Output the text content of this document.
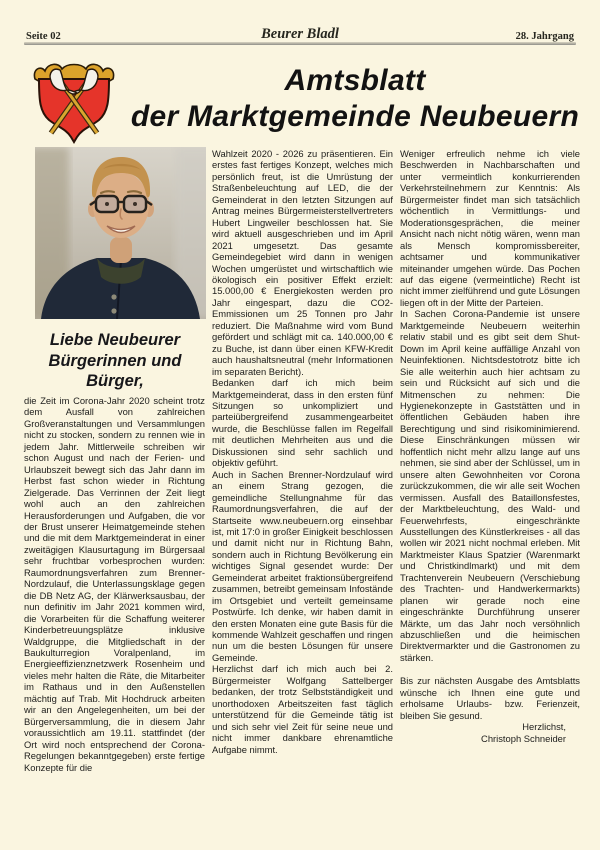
Seite 02	Beurer Bladl	28. Jahrgang
Amtsblatt
der Marktgemeinde Neubeuern
Liebe Neubeurer
Bürgerinnen und
Bürger,

die Zeit im Corona-Jahr 2020 scheint trotz dem Ausfall von zahlreichen Großveranstaltungen und Versammlungen nicht zu stocken, sondern zu rennen wie in jedem Jahr. Mittlerweile schreiben wir schon August und nach der Ferien- und Urlaubszeit bewegt sich das Jahr dann im Herbst fast schon wieder in Richtung Zielgerade. Das Verrinnen der Zeit liegt wohl auch an den zahlreichen Herausforderungen und Aufgaben, die vor der Brust unserer Heimatgemeinde stehen und die mit dem Marktgemeinderat in einer zweitägigen Klausurtagung im Bürgersaal sehr fruchtbar vorbesprochen wurden: Raumordnungsverfahren zum Brenner-Nordzulauf, die Unterlassungsklage gegen die DB Netz AG, der Klärwerksausbau, der nun definitiv im Jahr 2021 kommen wird, die Vorarbeiten für die Schaffung weiterer Kinderbetreuungsplätze inklusive Waldgruppe, die Mitgliedschaft in der Baukulturregion Voralpenland, im Energieeffizienznetzwerk Rosenheim und vieles mehr halten die Räte, die Mitarbeiter im Rathaus und in den Außenstellen mächtig auf Trab. Mit Hochdruck arbeiten wir an den Angelegenheiten, um bei der Bürgerversammlung, die in diesem Jahr voraussichtlich am 19.11. stattfindet (der Ort wird noch entsprechend der Corona-Regelungen bekanntgegeben) erste fertige Konzepte für die

Wahlzeit 2020 - 2026 zu präsentieren. Ein erstes fast fertiges Konzept, welches mich persönlich freut, ist die Umrüstung der Straßenbeleuchtung auf LED, die der Gemeinderat in den letzten Sitzungen auf Antrag meines Bürgermeisterstellvertreters Hubert Lingweiler beschlossen hat. Sie wird aktuell ausgeschrieben und im April 2021 umgesetzt. Das gesamte Gemeindegebiet wird dann in wenigen Wochen umgerüstet und wirtschaftlich wie ökologisch ein positiver Effekt erzielt: 15.000,00 € Energiekosten werden pro Jahr eingespart, dazu die CO2-Emmissionen um 25 Tonnen pro Jahr reduziert. Die Maßnahme wird vom Bund gefördert und schlägt mit ca. 140.000,00 € zu Buche, ist dann über einen KFW-Kredit auch haushaltsneutral (mehr Informationen im separaten Bericht).

Bedanken darf ich mich beim Marktgemeinderat, dass in den ersten fünf Sitzungen so unkompliziert und parteiübergreifend zusammengearbeitet wurde, die Beschlüsse fallen im Regelfall mit deutlichen Mehrheiten aus und die Diskussionen sind sehr sachlich und objektiv geführt.

Auch in Sachen Brenner-Nordzulauf wird an einem Strang gezogen, die gemeindliche Stellungnahme für das Raumordnungsverfahren, die auf der Startseite www.neubeuern.org einsehbar ist, mit 17:0 in großer Einigkeit beschlossen und damit nicht nur in Richtung Bahn, sondern auch in Richtung Bevölkerung ein wichtiges Signal gesendet wurde: Der Gemeinderat arbeitet fraktionsübergreifend zusammen, betreibt gemeinsam Infostände im Ortsgebiet und verteilt gemeinsame Postwürfe. Ich denke, wir haben damit in den ersten Monaten eine gute Basis für die kommende Wahlzeit geschaffen und ringen nun um die besten Lösungen für unsere Gemeinde.

Herzlichst darf ich mich auch bei 2. Bürgermeister Wolfgang Sattelberger bedanken, der trotz Selbstständigkeit und unorthodoxen Arbeitszeiten fast täglich unterstützend für die Gemeinde tätig ist und sich sehr viel Zeit für seine neue und nicht immer dankbare ehrenamtliche Aufgabe nimmt.

Weniger erfreulich nehme ich viele Beschwerden in Nachbarschaften und unter vermeintlich konkurrierenden Verkehrsteilnehmern zur Kenntnis: Als Bürgermeister findet man sich tatsächlich wöchentlich in Vermittlungs- und Moderationsgesprächen, die meiner Ansicht nach nicht nötig wären, wenn man als Mensch kompromissbereiter, achtsamer und kommunikativer miteinander umgehen würde. Das Pochen auf das eigene (vermeintliche) Recht ist nicht immer zielführend und gute Lösungen liegen oft in der Mitte der Parteien.

In Sachen Corona-Pandemie ist unsere Marktgemeinde Neubeuern weiterhin relativ stabil und es gibt seit dem Shut-Down im April keine auffällige Anzahl von Neuinfektionen. Nichtsdestotrotz bitte ich Sie alle weiterhin auch hier achtsam zu sein und Rücksicht auf sich und die Mitmenschen zu nehmen: Die Hygienekonzepte in Gaststätten und in öffentlichen Gebäuden haben ihre Berechtigung und sind risikominimierend. Diese Einschränkungen müssen wir hoffentlich nicht mehr allzu lange auf uns nehmen, sie sind aber der Schlüssel, um in unsere alten Gewohnheiten vor Corona zurückzukommen, die wir alle seit Wochen vermissen. Ausfall des Bataillonsfestes, der Marktbeleuchtung, des Wald- und Feuerwehrfests, eingeschränkte Ausstellungen des Künstlerkreises - all das wollen wir 2021 nicht nochmal erleben. Mit Marktmeister Klaus Spatzier (Warenmarkt und Christkindlmarkt) und mit dem Trachtenverein Neubeuern (Verschiebung des Trachten- und Handwerkermarkts) planen wir gerade noch eine eingeschränkte Durchführung unserer Märkte, um das Jahr noch versöhnlich abzuschließen und die heimischen Direktvermarkter und die Gastronomen zu stärken.

Bis zur nächsten Ausgabe des Amtsblatts wünsche ich Ihnen eine gute und erholsame Urlaubs- bzw. Ferienzeit, bleiben Sie gesund.

Herzlichst,
Christoph Schneider
